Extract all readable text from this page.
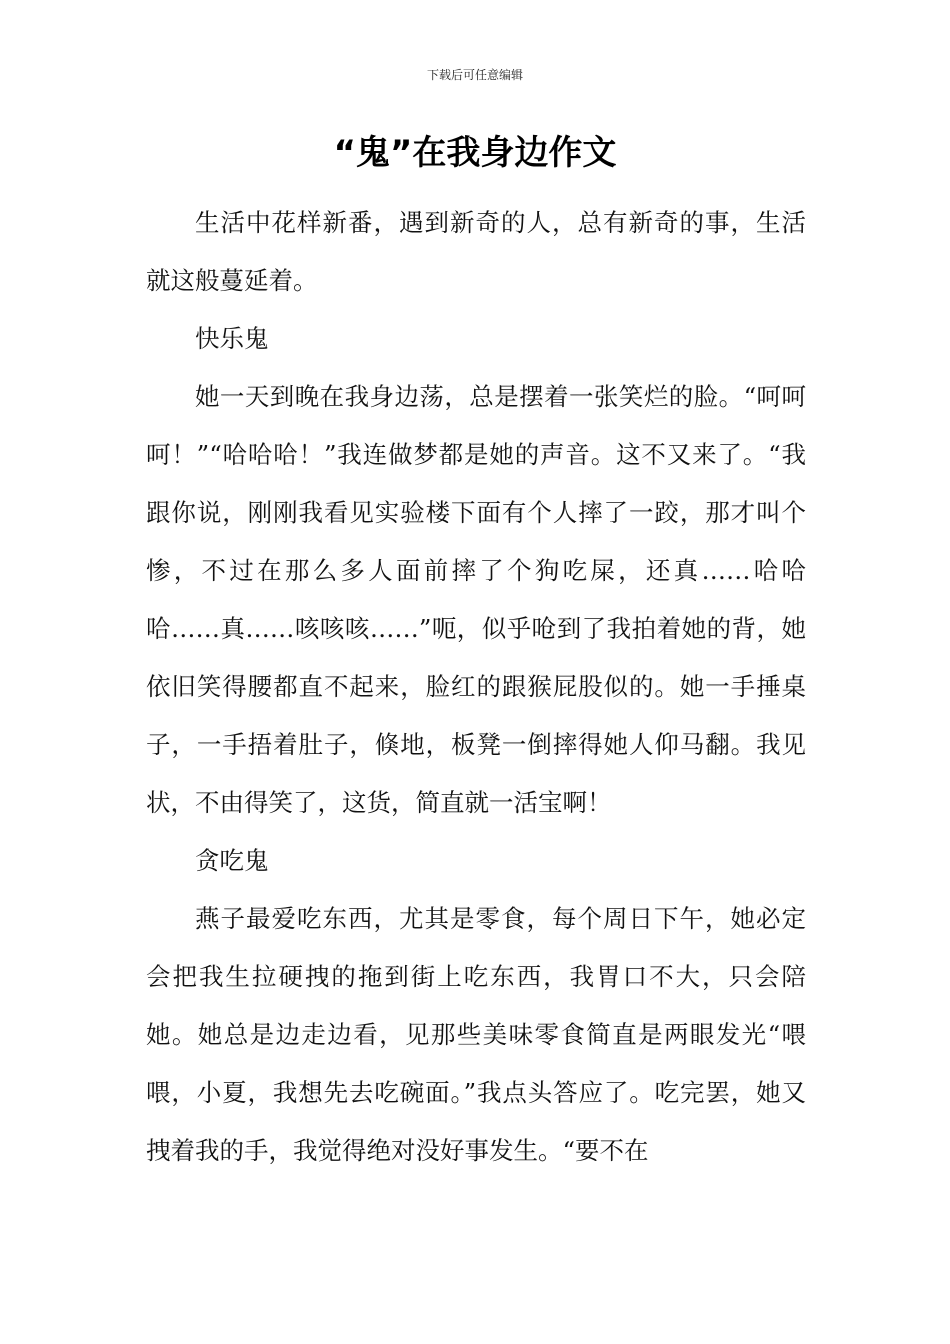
下载后可任意编辑
“鬼”在我身边作文

生活中花样新番，遇到新奇的人，总有新奇的事，生活就这般蔓延着。

快乐鬼

她一天到晚在我身边荡，总是摆着一张笑烂的脸。“呵呵呵！”“哈哈哈！”我连做梦都是她的声音。这不又来了。“我跟你说，刚刚我看见实验楼下面有个人摔了一跤，那才叫个惨，不过在那么多人面前摔了个狗吃屎，还真……哈哈哈……真……咳咳咳……”呃，似乎呛到了我拍着她的背，她依旧笑得腰都直不起来，脸红的跟猴屁股似的。她一手捶桌子，一手捂着肚子，倏地，板凳一倒摔得她人仰马翻。我见状，不由得笑了，这货，简直就一活宝啊！

贪吃鬼

燕子最爱吃东西，尤其是零食，每个周日下午，她必定会把我生拉硬拽的拖到街上吃东西，我胃口不大，只会陪她。她总是边走边看，见那些美味零食简直是两眼发光“喂喂，小夏，我想先去吃碗面。”我点头答应了。吃完罢，她又拽着我的手，我觉得绝对没好事发生。“要不在
